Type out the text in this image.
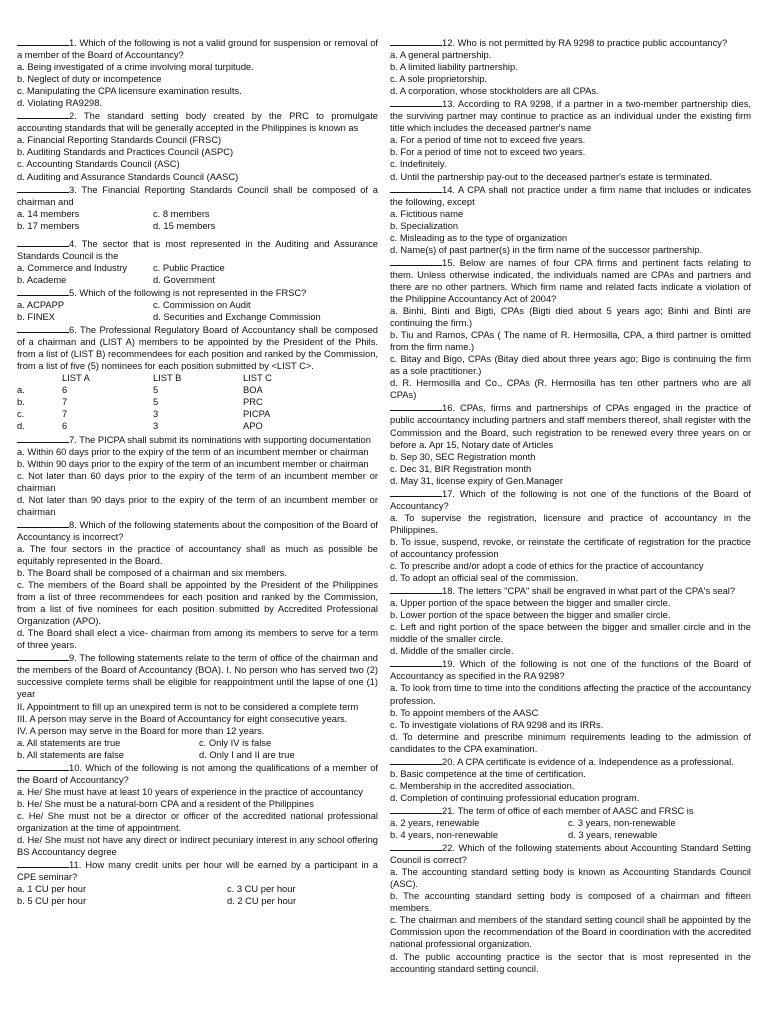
1. Which of the following is not a valid ground for suspension or removal of a member of the Board of Accountancy?

a. Being investigated of a crime involving moral turpitude.

b. Neglect of duty or incompetence

c. Manipulating the CPA licensure examination results.

d. Violating RA9298.

2. The standard setting body created by the PRC to promulgate accounting standards that will be generally accepted in the Philippines is known as

a. Financial Reporting Standards Council (FRSC)

b. Auditing Standards and Practices Council (ASPC)

c. Accounting Standards Council (ASC)

d. Auditing and Assurance Standards Council (AASC)

3. The Financial Reporting Standards Council shall be composed of a chairman and

a. 14 members	c. 8 members
b. 17 members	d. 15 members

4. The sector that is most represented in the Auditing and Assurance Standards Council is the

a. Commerce and Industry	c. Public Practice
b. Academe	d. Government

5. Which of the following is not represented in the FRSC?

a. ACPAPP	c. Commission on Audit
b. FINEX	d. Securities and Exchange Commission

6. The Professional Regulatory Board of Accountancy shall be composed of a chairman and (LIST A) members to be appointed by the President of the Phils. from a list of (LIST B) recommendees for each position and ranked by the Commission, from a list of five (5) nominees for each position submitted by <LIST C>.

LIST A	LIST B	LIST C
a.	6	5	BOA
b.	7	5	PRC
c.	7	3	PICPA
d.	6	3	APO

7. The PICPA shall submit its nominations with supporting documentation

a. Within 60 days prior to the expiry of the term of an incumbent member or chairman

b. Within 90 days prior to the expiry of the term of an incumbent member or chairman

c. Not later than 60 days prior to the expiry of the term of an incumbent member or chairman

d. Not later than 90 days prior to the expiry of the term of an incumbent member or chairman

8. Which of the following statements about the composition of the Board of Accountancy is incorrect?

a. The four sectors in the practice of accountancy shall as much as possible be equitably represented in the Board.

b. The Board shall be composed of a chairman and six members.

c. The members of the Board shall be appointed by the President of the Philippines from a list of three recommendees for each position and ranked by the Commission, from a list of five nominees for each position submitted by Accredited Professional Organization (APO).

d. The Board shall elect a vice- chairman from among its members to serve for a term of three years.

9. The following statements relate to the term of office of the chairman and the members of the Board of Accountancy (BOA). I. No person who has served two (2) successive complete terms shall be eligible for reappointment until the lapse of one (1) year

II. Appointment to fill up an unexpired term is not to be considered a complete term

III. A person may serve in the Board of Accountancy for eight consecutive years.

IV. A person may serve in the Board for more than 12 years.

a. All statements are true	c. Only IV is false
b. All statements are false	d. Only I and II are true

10. Which of the following is not among the qualifications of a member of the Board of Accountancy?

a. He/ She must have at least 10 years of experience in the practice of accountancy

b. He/ She must be a natural-born CPA and a resident of the Philippines

c. He/ She must not be a director or officer of the accredited national professional organization at the time of appointment.

d. He/ She must not have any direct or indirect pecuniary interest in any school offering BS Accountancy degree

11. How many credit units per hour will be earned by a participant in a CPE seminar?

a. 1 CU per hour	c. 3 CU per hour
b. 5 CU per hour	d. 2 CU per hour

12. Who is not permitted by RA 9298 to practice public accountancy?

a. A general partnership.

b. A limited liability partnership.

c. A sole proprietorship.

d. A corporation, whose stockholders are all CPAs.

13. According to RA 9298, if a partner in a two-member partnership dies, the surviving partner may continue to practice as an individual under the existing firm title which includes the deceased partner's name

a. For a period of time not to exceed five years.

b. For a period of time not to exceed two years.

c. Indefinitely.

d. Until the partnership pay-out to the deceased partner's estate is terminated.

14. A CPA shall not practice under a firm name that includes or indicates the following, except

a. Fictitious name

b. Specialization

c. Misleading as to the type of organization

d. Name(s) of past partner(s) in the firm name of the successor partnership.

15. Below are names of four CPA firms and pertinent facts relating to them. Unless otherwise indicated, the individuals named are CPAs and partners and there are no other partners. Which firm name and related facts indicate a violation of the Philippine Accountancy Act of 2004?

a. Binhi, Binti and Bigti, CPAs (Bigti died about 5 years ago; Binhi and Binti are continuing the firm.)

b. Tiu and Ramos, CPAs ( The name of R. Hermosilla, CPA, a third partner is omitted from the firm name.)

c. Bitay and Bigo, CPAs (Bitay died about three years ago; Bigo is continuing the firm as a sole practitioner.)

d. R. Hermosilla and Co., CPAs (R. Hermosilla has ten other partners who are all CPAs)

16. CPAs, firms and partnerships of CPAs engaged in the practice of public accountancy including partners and staff members thereof, shall register with the Commission and the Board, such registration to be renewed every three years on or before a. Apr 15, Notary date of Articles

b. Sep 30, SEC Registration month

c. Dec 31, BIR Registration month

d. May 31, license expiry of Gen.Manager

17. Which of the following is not one of the functions of the Board of Accountancy?

a. To supervise the registration, licensure and practice of accountancy in the Philippines.

b. To issue, suspend, revoke, or reinstate the certificate of registration for the practice of accountancy profession

c. To prescribe and/or adopt a code of ethics for the practice of accountancy

d. To adopt an official seal of the commission.

18. The letters "CPA" shall be engraved in what part of the CPA's seal?

a. Upper portion of the space between the bigger and smaller circle.

b. Lower portion of the space between the bigger and smaller circle.

c. Left and right portion of the space between the bigger and smaller circle and in the middle of the smaller circle.

d. Middle of the smaller circle.

19. Which of the following is not one of the functions of the Board of Accountancy as specified in the RA 9298?

a. To look from time to time into the conditions affecting the practice of the accountancy profession.

b. To appoint members of the AASC

c. To investigate violations of RA 9298 and its IRRs.

d. To determine and prescribe minimum requirements leading to the admission of candidates to the CPA examination.

20. A CPA certificate is evidence of a. Independence as a professional.

b. Basic competence at the time of certification.

c. Membership in the accredited association.

d. Completion of continuing professional education program.

21. The term of office of each member of AASC and FRSC is

a. 2 years, renewable	c. 3 years, non-renewable
b. 4 years, non-renewable	d. 3 years, renewable

22. Which of the following statements about Accounting Standard Setting Council is correct?

a. The accounting standard setting body is known as Accounting Standards Council (ASC).

b. The accounting standard setting body is composed of a chairman and fifteen members.

c. The chairman and members of the standard setting council shall be appointed by the Commission upon the recommendation of the Board in coordination with the accredited national professional organization.

d. The public accounting practice is the sector that is most represented in the accounting standard setting council.
